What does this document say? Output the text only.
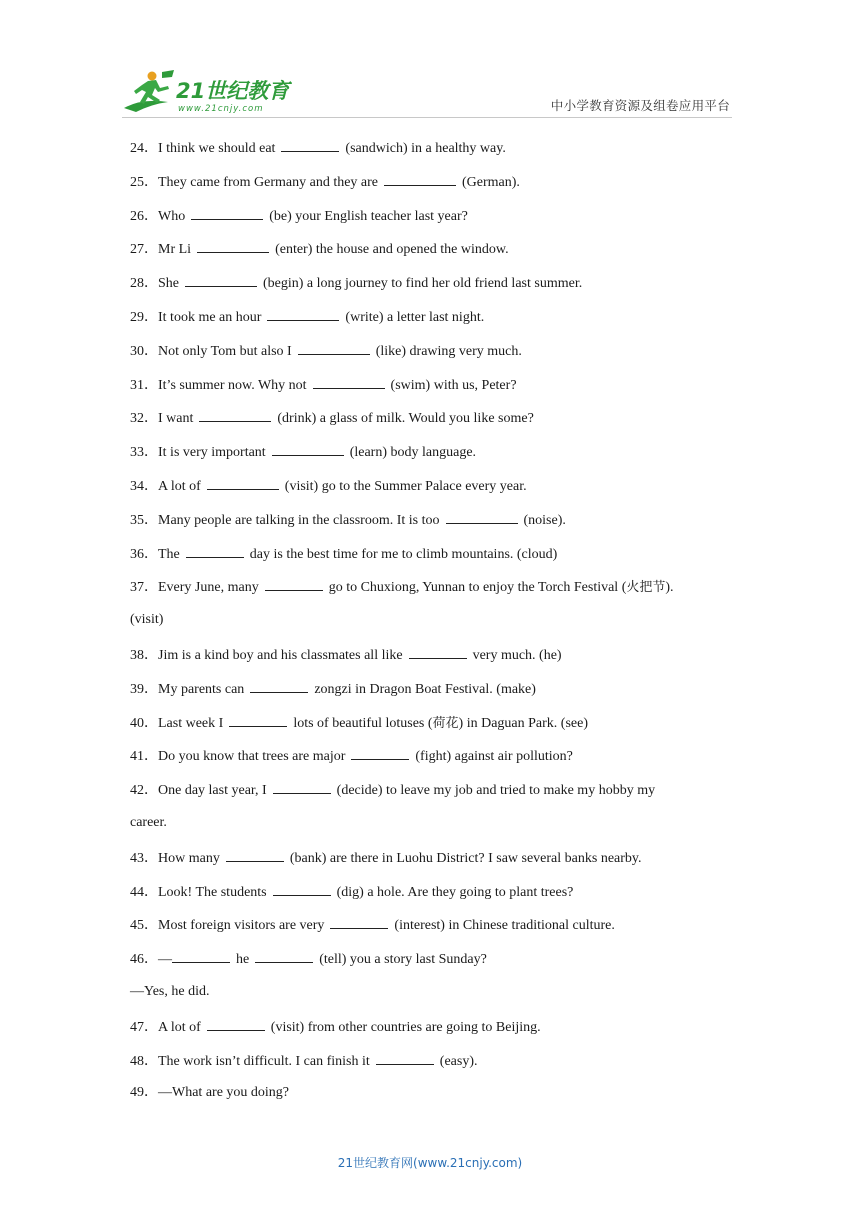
21世纪教育
www.21cnjy.com	中小学教育资源及组卷应用平台
24．I think we should eat	(sandwich) in a healthy way.
25．They came from Germany and they are	(German).
26．Who	(be) your English teacher last year?
27．Mr Li	(enter) the house and opened the window.
28．She	(begin) a long journey to find her old friend last summer.
29．It took me an hour	(write) a letter last night.
30．Not only Tom but also I	(like) drawing very much.
31．It’s summer now. Why not	(swim) with us, Peter?
32．I want	(drink) a glass of milk. Would you like some?
33．It is very important	(learn) body language.
34．A lot of	(visit) go to the Summer Palace every year.
35．Many people are talking in the classroom. It is too	(noise).
36．The	day is the best time for me to climb mountains. (cloud)
37．Every June, many	go to Chuxiong, Yunnan to enjoy the Torch Festival (火把节).
(visit)
38．Jim is a kind boy and his classmates all like	very much. (he)
39．My parents can	zongzi in Dragon Boat Festival. (make)
40．Last week I	lots of beautiful lotuses (荷花) in Daguan Park. (see)
41．Do you know that trees are major	(fight) against air pollution?
42．One day last year, I	(decide) to leave my job and tried to make my hobby my
career.
43．How many	(bank) are there in Luohu District? I saw several banks nearby.
44．Look! The students	(dig) a hole. Are they going to plant trees?
45．Most foreign visitors are very	(interest) in Chinese traditional culture.
46．—	he	(tell) you a story last Sunday?
—Yes, he did.
47．A lot of	(visit) from other countries are going to Beijing.
48．The work isn’t difficult. I can finish it	(easy).
49．—What are you doing?
21世纪教育网(www.21cnjy.com)
